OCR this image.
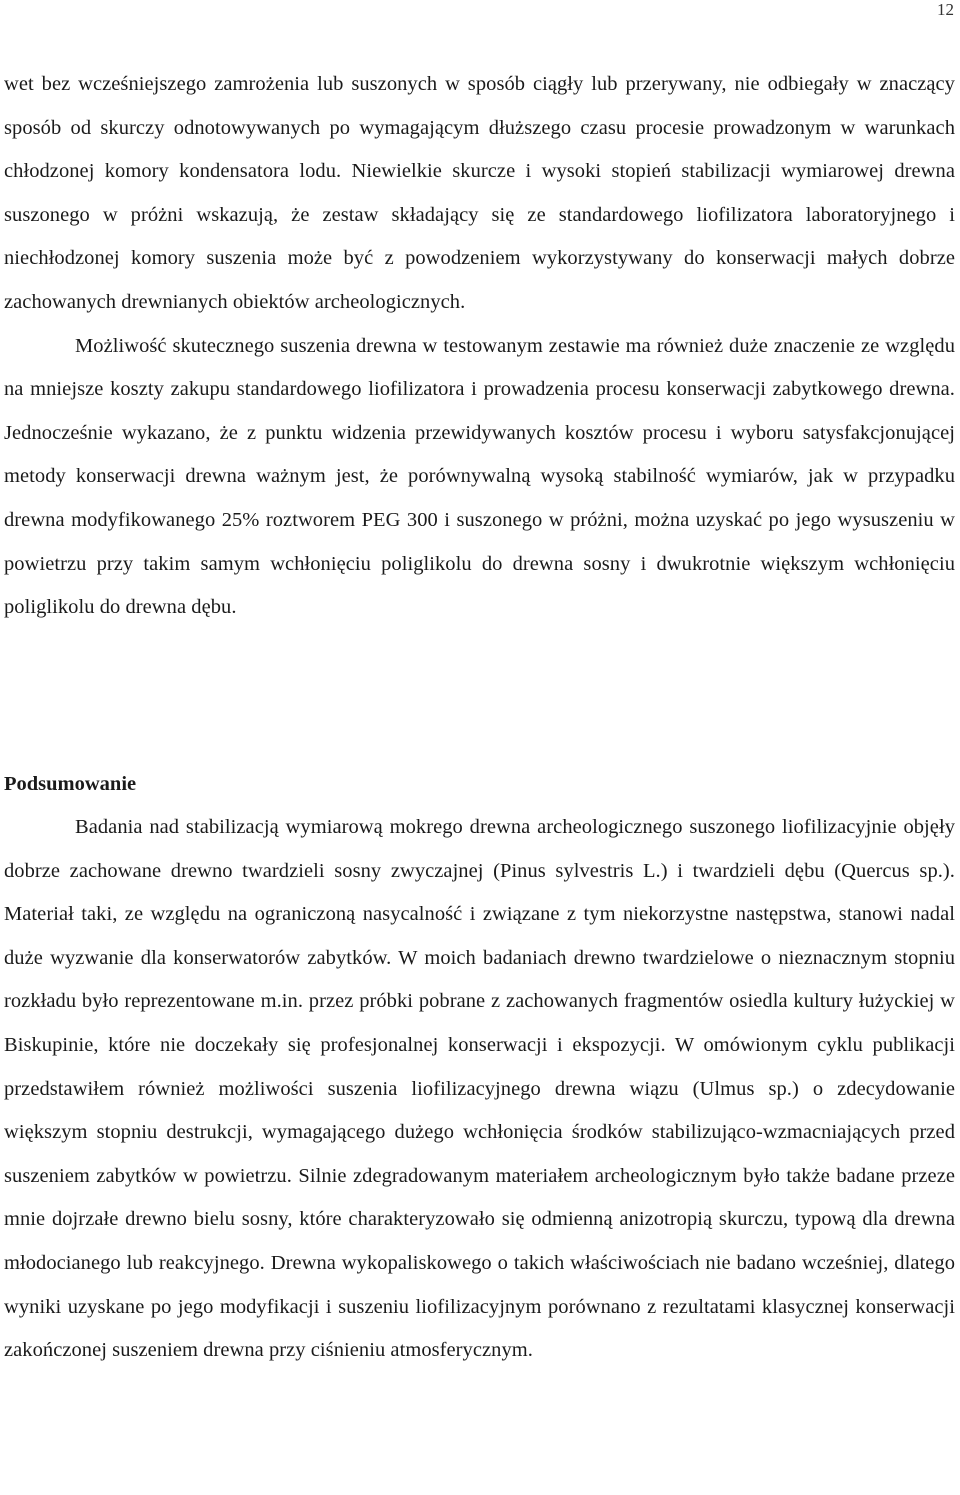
12

wet bez wcześniejszego zamrożenia lub suszonych w sposób ciągły lub przerywany, nie odbiegały w znaczący sposób od skurczy odnotowywanych po wymagającym dłuższego czasu procesie prowadzonym w warunkach chłodzonej komory kondensatora lodu. Niewielkie skurcze i wysoki stopień stabilizacji wymiarowej drewna suszonego w próżni wskazują, że zestaw składający się ze standardowego liofilizatora laboratoryjnego i niechłodzonej komory suszenia może być z powodzeniem wykorzystywany do konserwacji małych dobrze zachowanych drewnianych obiektów archeologicznych.

Możliwość skutecznego suszenia drewna w testowanym zestawie ma również duże znaczenie ze względu na mniejsze koszty zakupu standardowego liofilizatora i prowadzenia procesu konserwacji zabytkowego drewna. Jednocześnie wykazano, że z punktu widzenia przewidywanych kosztów procesu i wyboru satysfakcjonującej metody konserwacji drewna ważnym jest, że porównywalną wysoką stabilność wymiarów, jak w przypadku drewna modyfikowanego 25% roztworem PEG 300 i suszonego w próżni, można uzyskać po jego wysuszeniu w powietrzu przy takim samym wchłonięciu poliglikolu do drewna sosny i dwukrotnie większym wchłonięciu poliglikolu do drewna dębu.

Podsumowanie

Badania nad stabilizacją wymiarową mokrego drewna archeologicznego suszonego liofilizacyjnie objęły dobrze zachowane drewno twardzieli sosny zwyczajnej (Pinus sylvestris L.) i twardzieli dębu (Quercus sp.). Materiał taki, ze względu na ograniczoną nasycalność i związane z tym niekorzystne następstwa, stanowi nadal duże wyzwanie dla konserwatorów zabytków. W moich badaniach drewno twardzielowe o nieznacznym stopniu rozkładu było reprezentowane m.in. przez próbki pobrane z zachowanych fragmentów osiedla kultury łużyckiej w Biskupinie, które nie doczekały się profesjonalnej konserwacji i ekspozycji. W omówionym cyklu publikacji przedstawiłem również możliwości suszenia liofilizacyjnego drewna wiązu (Ulmus sp.) o zdecydowanie większym stopniu destrukcji, wymagającego dużego wchłonięcia środków stabilizująco-wzmacniających przed suszeniem zabytków w powietrzu. Silnie zdegradowanym materiałem archeologicznym było także badane przeze mnie dojrzałe drewno bielu sosny, które charakteryzowało się odmienną anizotropią skurczu, typową dla drewna młodocianego lub reakcyjnego. Drewna wykopaliskowego o takich właściwościach nie badano wcześniej, dlatego wyniki uzyskane po jego modyfikacji i suszeniu liofilizacyjnym porównano z rezultatami klasycznej konserwacji zakończonej suszeniem drewna przy ciśnieniu atmosferycznym.
